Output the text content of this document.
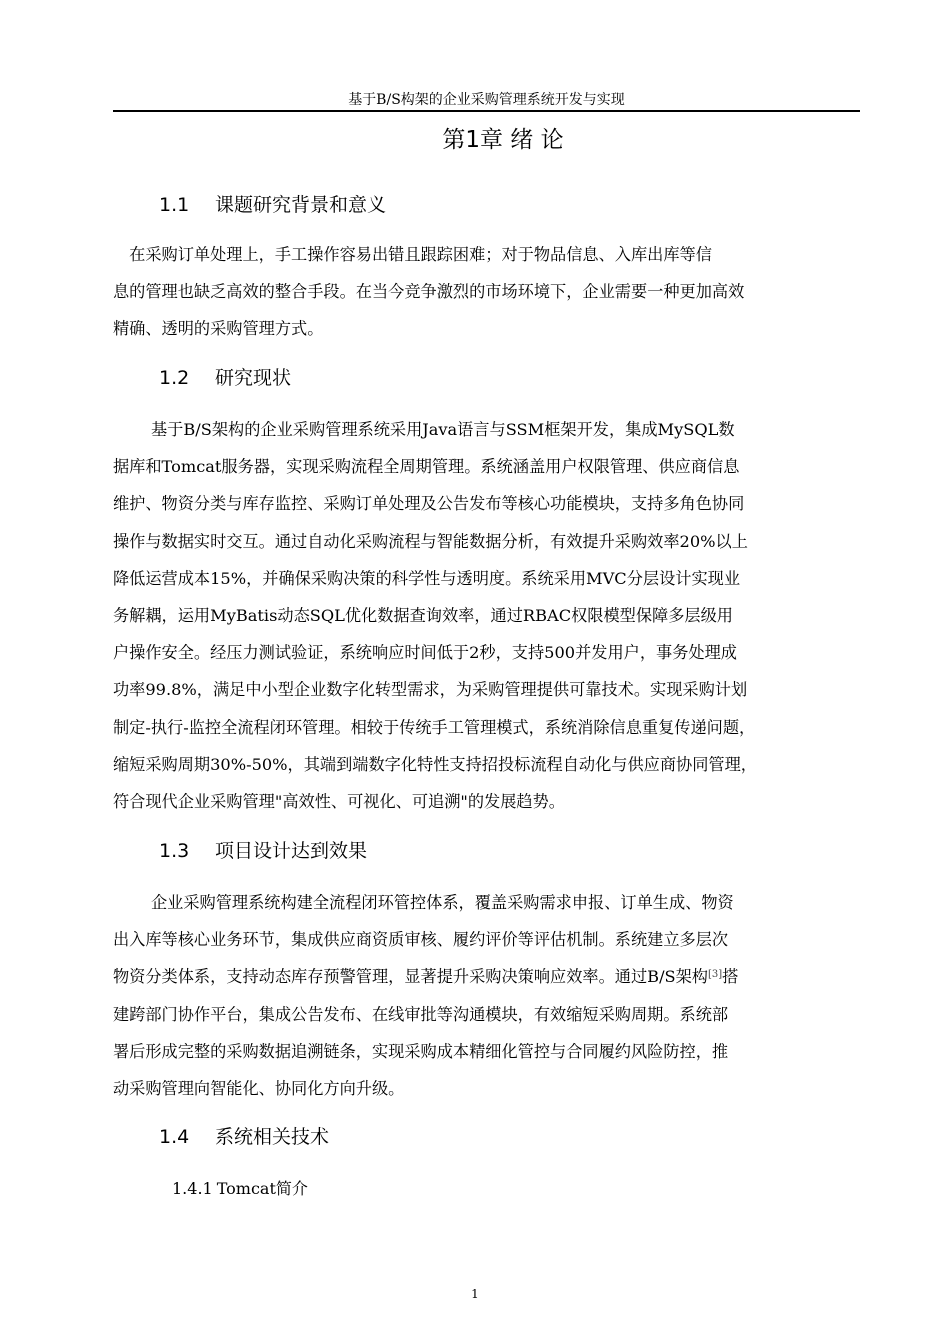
基于B/S构架的企业采购管理系统开发与实现
第1章 绪 论
1.1 课题研究背景和意义
　在采购订单处理上，手工操作容易出错且跟踪困难；对于物品信息、入库出库等信
息的管理也缺乏高效的整合手段。在当今竞争激烈的市场环境下，企业需要一种更加高效
精确、透明的采购管理方式。
1.2 研究现状
基于B/S架构的企业采购管理系统采用Java语言与SSM框架开发，集成MySQL数
据库和Tomcat服务器，实现采购流程全周期管理。系统涵盖用户权限管理、供应商信息
维护、物资分类与库存监控、采购订单处理及公告发布等核心功能模块，支持多角色协同
操作与数据实时交互。通过自动化采购流程与智能数据分析，有效提升采购效率20%以上
降低运营成本15%，并确保采购决策的科学性与透明度。系统采用MVC分层设计实现业
务解耦，运用MyBatis动态SQL优化数据查询效率，通过RBAC权限模型保障多层级用
户操作安全。经压力测试验证，系统响应时间低于2秒，支持500并发用户，事务处理成
功率99.8%，满足中小型企业数字化转型需求，为采购管理提供可靠技术。实现采购计划
制定-执行-监控全流程闭环管理。相较于传统手工管理模式，系统消除信息重复传递问题，
缩短采购周期30%-50%，其端到端数字化特性支持招投标流程自动化与供应商协同管理，
符合现代企业采购管理"高效性、可视化、可追溯"的发展趋势。
1.3 项目设计达到效果
企业采购管理系统构建全流程闭环管控体系，覆盖采购需求申报、订单生成、物资
出入库等核心业务环节，集成供应商资质审核、履约评价等评估机制。系统建立多层次
物资分类体系，支持动态库存预警管理，显著提升采购决策响应效率。通过B/S架构[3]搭
建跨部门协作平台，集成公告发布、在线审批等沟通模块，有效缩短采购周期。系统部
署后形成完整的采购数据追溯链条，实现采购成本精细化管控与合同履约风险防控，推
动采购管理向智能化、协同化方向升级。
1.4 系统相关技术
1.4.1 Tomcat简介
1
